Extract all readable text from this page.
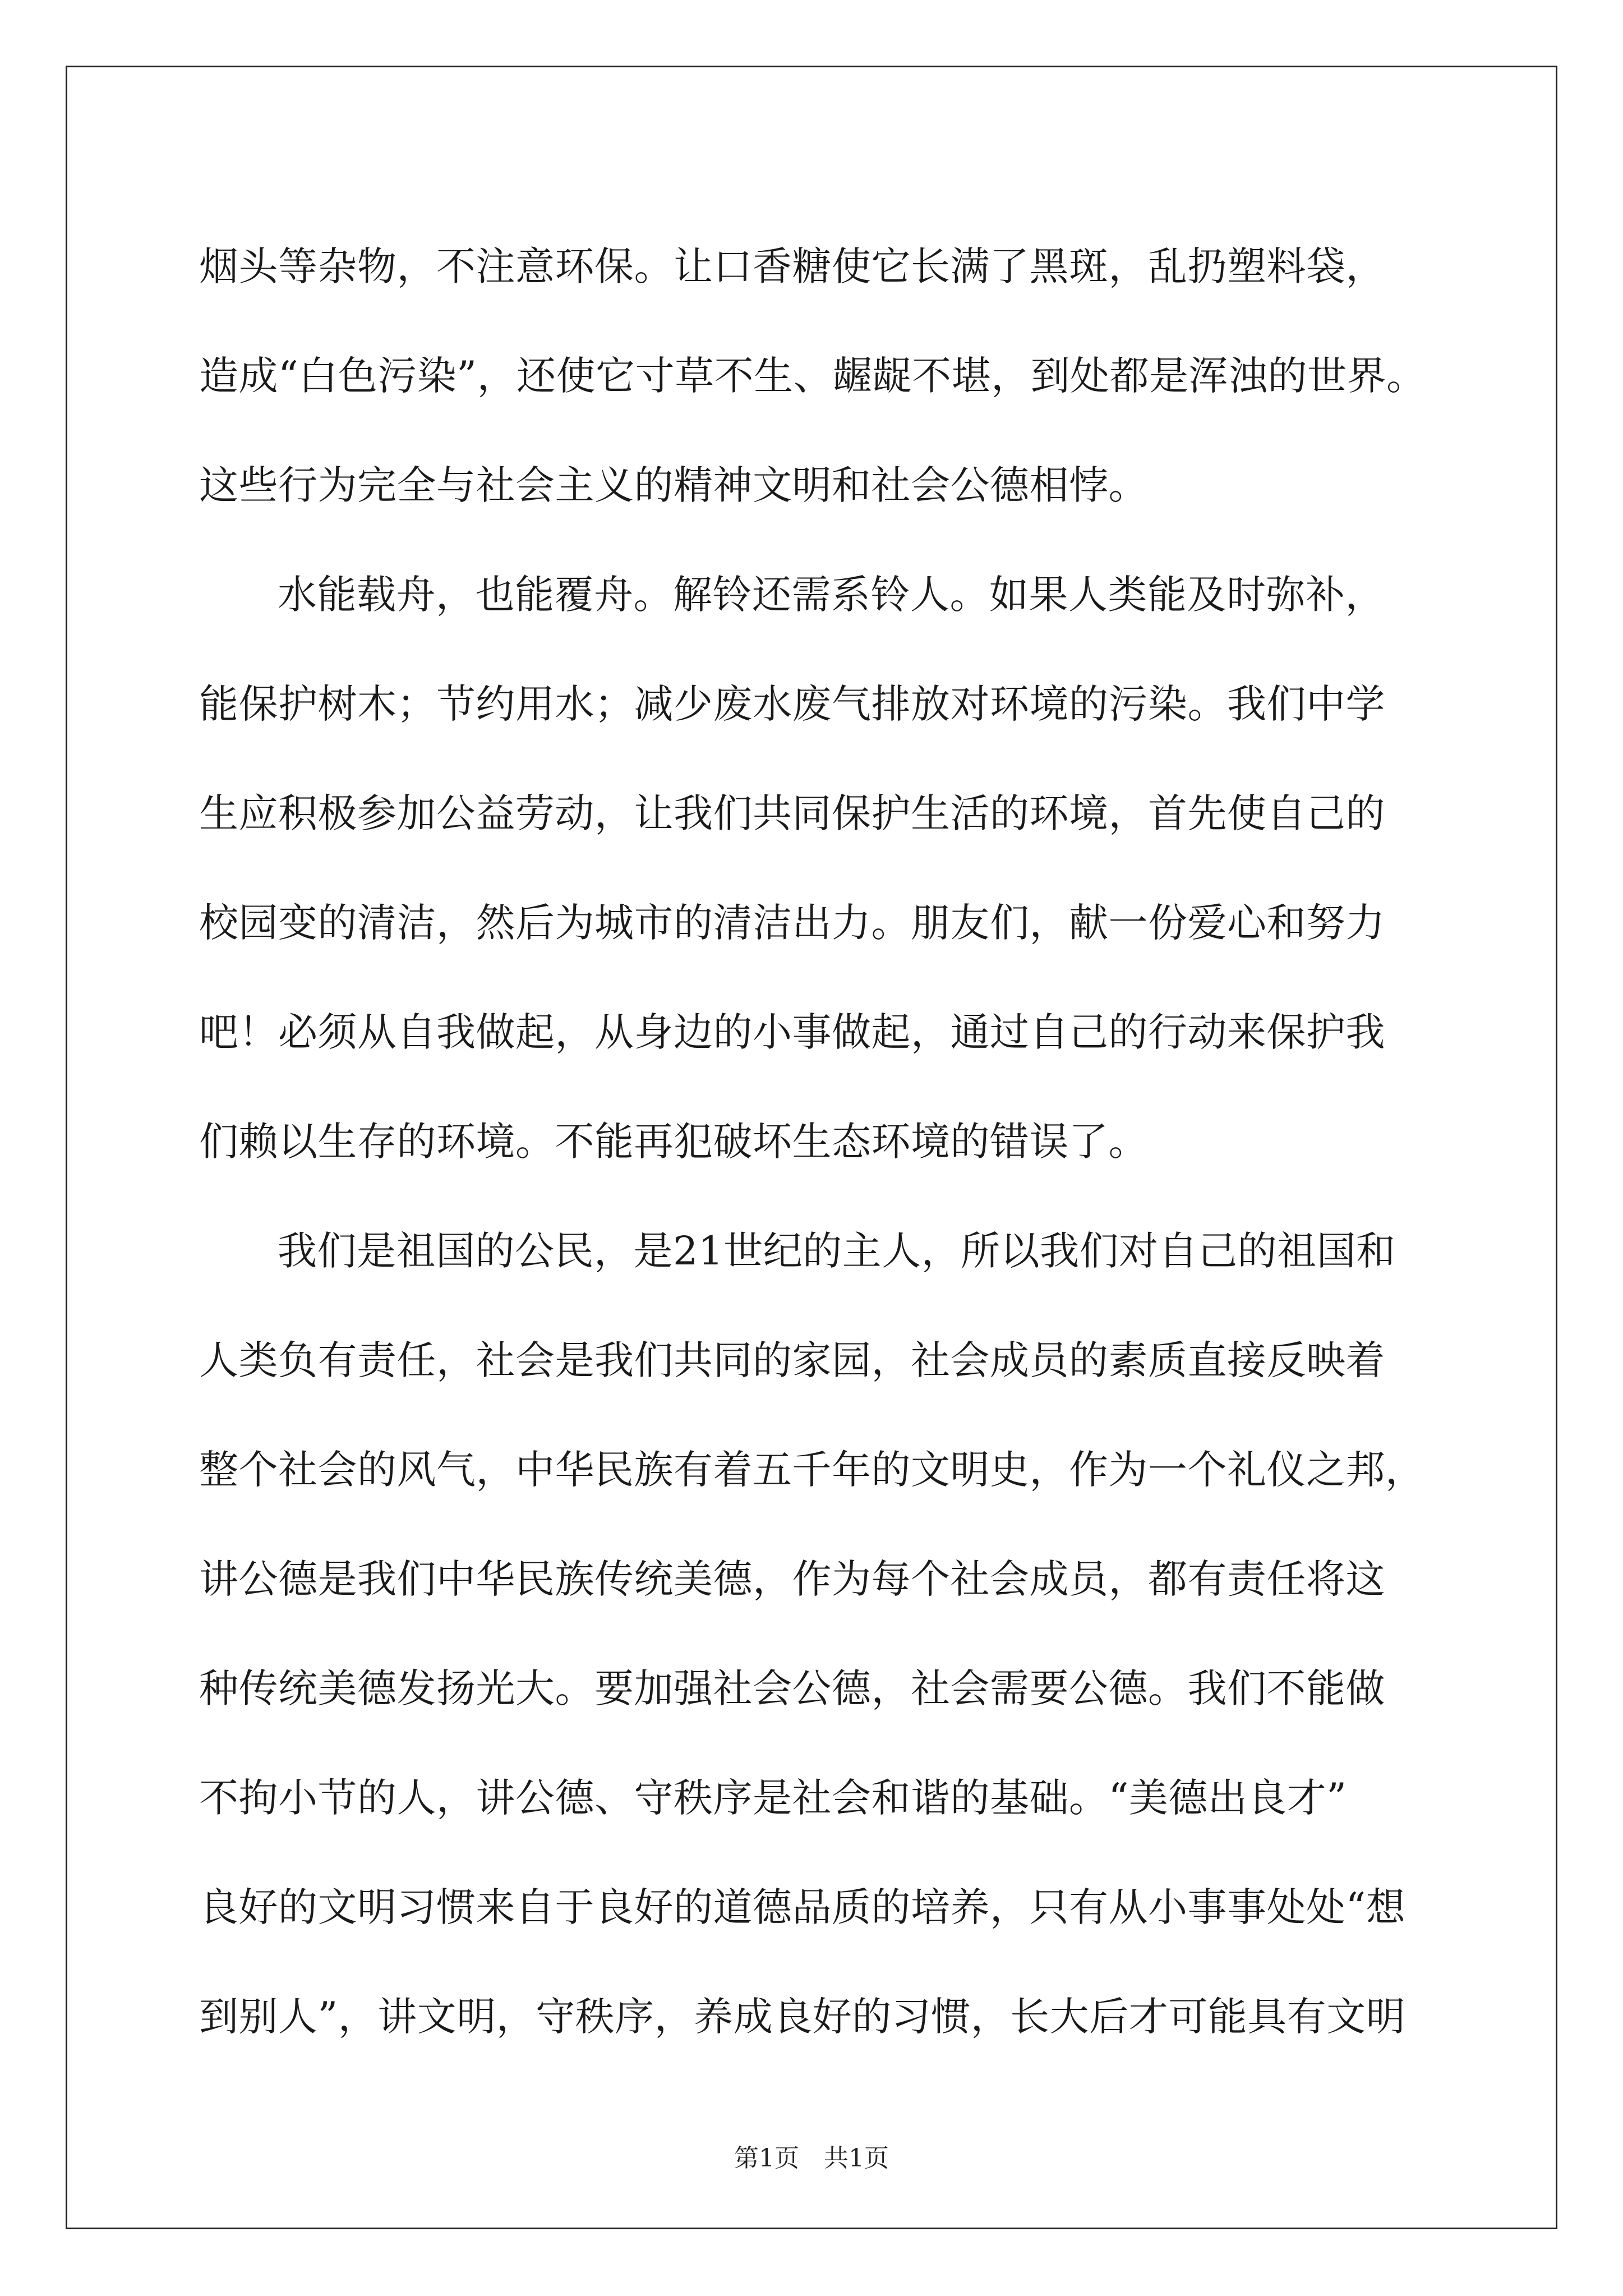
烟头等杂物，不注意环保。让口香糖使它长满了黑斑，乱扔塑料袋，
造成“白色污染”，还使它寸草不生、龌龊不堪，到处都是浑浊的世界。
这些行为完全与社会主义的精神文明和社会公德相悖。
水能载舟，也能覆舟。解铃还需系铃人。如果人类能及时弥补，
能保护树木；节约用水；减少废水废气排放对环境的污染。我们中学
生应积极参加公益劳动，让我们共同保护生活的环境，首先使自己的
校园变的清洁，然后为城市的清洁出力。朋友们，献一份爱心和努力
吧！必须从自我做起，从身边的小事做起，通过自己的行动来保护我
们赖以生存的环境。不能再犯破坏生态环境的错误了。
我们是祖国的公民，是21世纪的主人，所以我们对自己的祖国和
人类负有责任，社会是我们共同的家园，社会成员的素质直接反映着
整个社会的风气，中华民族有着五千年的文明史，作为一个礼仪之邦，
讲公德是我们中华民族传统美德，作为每个社会成员，都有责任将这
种传统美德发扬光大。要加强社会公德，社会需要公德。我们不能做
不拘小节的人，讲公德、守秩序是社会和谐的基础。“美德出良才”
良好的文明习惯来自于良好的道德品质的培养，只有从小事事处处“想
到别人”，讲文明，守秩序，养成良好的习惯，长大后才可能具有文明
第1页　共1页
